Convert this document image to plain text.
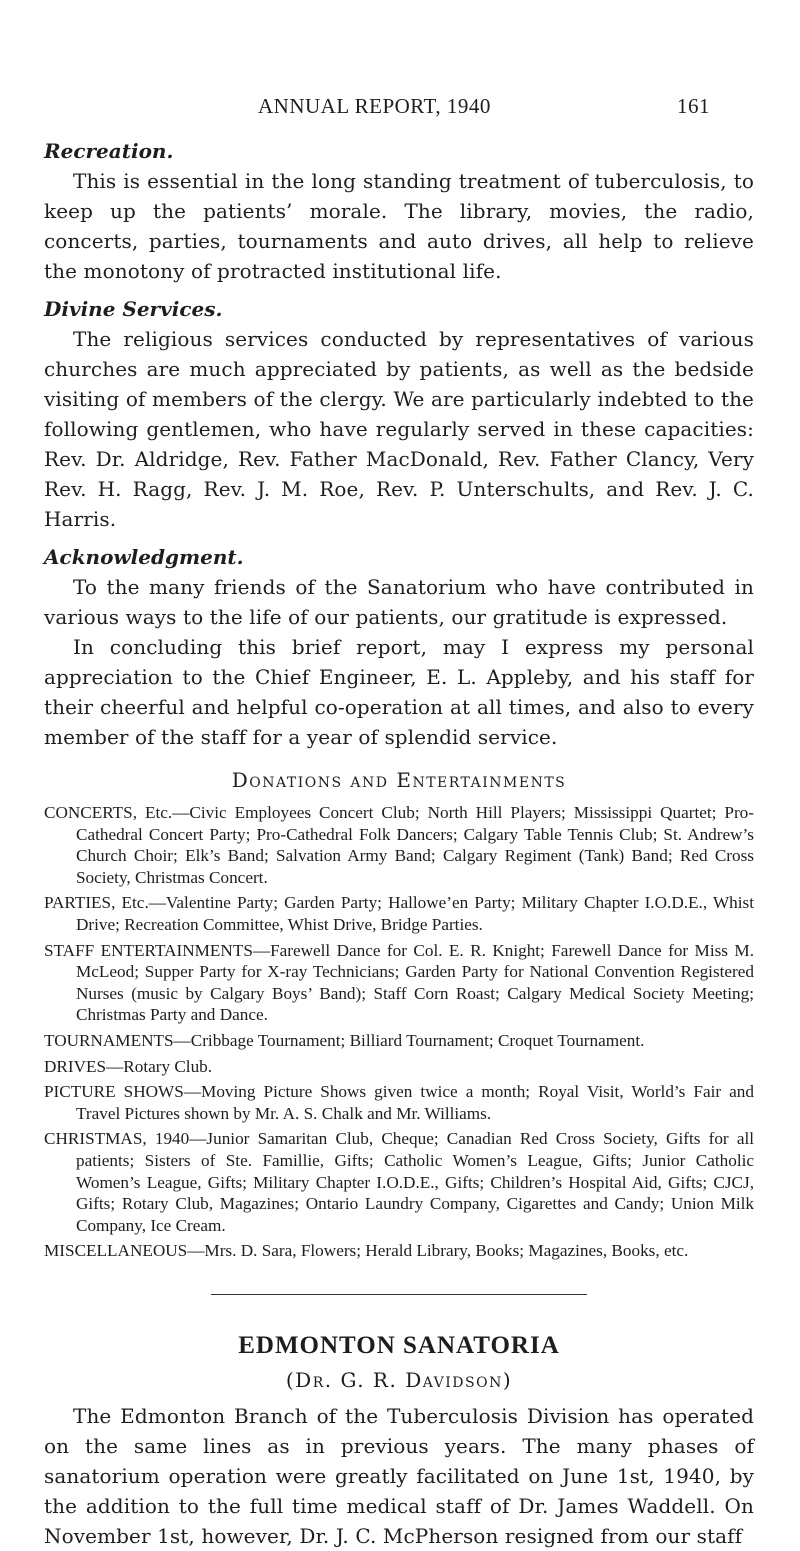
ANNUAL REPORT, 1940	161
Recreation.

This is essential in the long standing treatment of tuberculosis, to keep up the patients’ morale. The library, movies, the radio, concerts, parties, tournaments and auto drives, all help to relieve the monotony of protracted institutional life.

Divine Services.

The religious services conducted by representatives of various churches are much appreciated by patients, as well as the bedside visiting of members of the clergy. We are particularly indebted to the following gentlemen, who have regularly served in these capacities: Rev. Dr. Aldridge, Rev. Father MacDonald, Rev. Father Clancy, Very Rev. H. Ragg, Rev. J. M. Roe, Rev. P. Unterschults, and Rev. J. C. Harris.

Acknowledgment.

To the many friends of the Sanatorium who have contributed in various ways to the life of our patients, our gratitude is expressed.

In concluding this brief report, may I express my personal appreciation to the Chief Engineer, E. L. Appleby, and his staff for their cheerful and helpful co-operation at all times, and also to every member of the staff for a year of splendid service.

Donations and Entertainments

CONCERTS, Etc.—Civic Employees Concert Club; North Hill Players; Mississippi Quartet; Pro-Cathedral Concert Party; Pro-Cathedral Folk Dancers; Calgary Table Tennis Club; St. Andrew’s Church Choir; Elk’s Band; Salvation Army Band; Calgary Regiment (Tank) Band; Red Cross Society, Christmas Concert.

PARTIES, Etc.—Valentine Party; Garden Party; Hallowe’en Party; Military Chapter I.O.D.E., Whist Drive; Recreation Committee, Whist Drive, Bridge Parties.

STAFF ENTERTAINMENTS—Farewell Dance for Col. E. R. Knight; Farewell Dance for Miss M. McLeod; Supper Party for X-ray Technicians; Garden Party for National Convention Registered Nurses (music by Calgary Boys’ Band); Staff Corn Roast; Calgary Medical Society Meeting; Christmas Party and Dance.

TOURNAMENTS—Cribbage Tournament; Billiard Tournament; Croquet Tournament.

DRIVES—Rotary Club.

PICTURE SHOWS—Moving Picture Shows given twice a month; Royal Visit, World’s Fair and Travel Pictures shown by Mr. A. S. Chalk and Mr. Williams.

CHRISTMAS, 1940—Junior Samaritan Club, Cheque; Canadian Red Cross Society, Gifts for all patients; Sisters of Ste. Famillie, Gifts; Catholic Women’s League, Gifts; Junior Catholic Women’s League, Gifts; Military Chapter I.O.D.E., Gifts; Children’s Hospital Aid, Gifts; CJCJ, Gifts; Rotary Club, Magazines; Ontario Laundry Company, Cigarettes and Candy; Union Milk Company, Ice Cream.

MISCELLANEOUS—Mrs. D. Sara, Flowers; Herald Library, Books; Magazines, Books, etc.

EDMONTON SANATORIA
(Dr. G. R. Davidson)

The Edmonton Branch of the Tuberculosis Division has operated on the same lines as in previous years. The many phases of sanatorium operation were greatly facilitated on June 1st, 1940, by the addition to the full time medical staff of Dr. James Waddell. On November 1st, however, Dr. J. C. McPherson resigned from our staff
